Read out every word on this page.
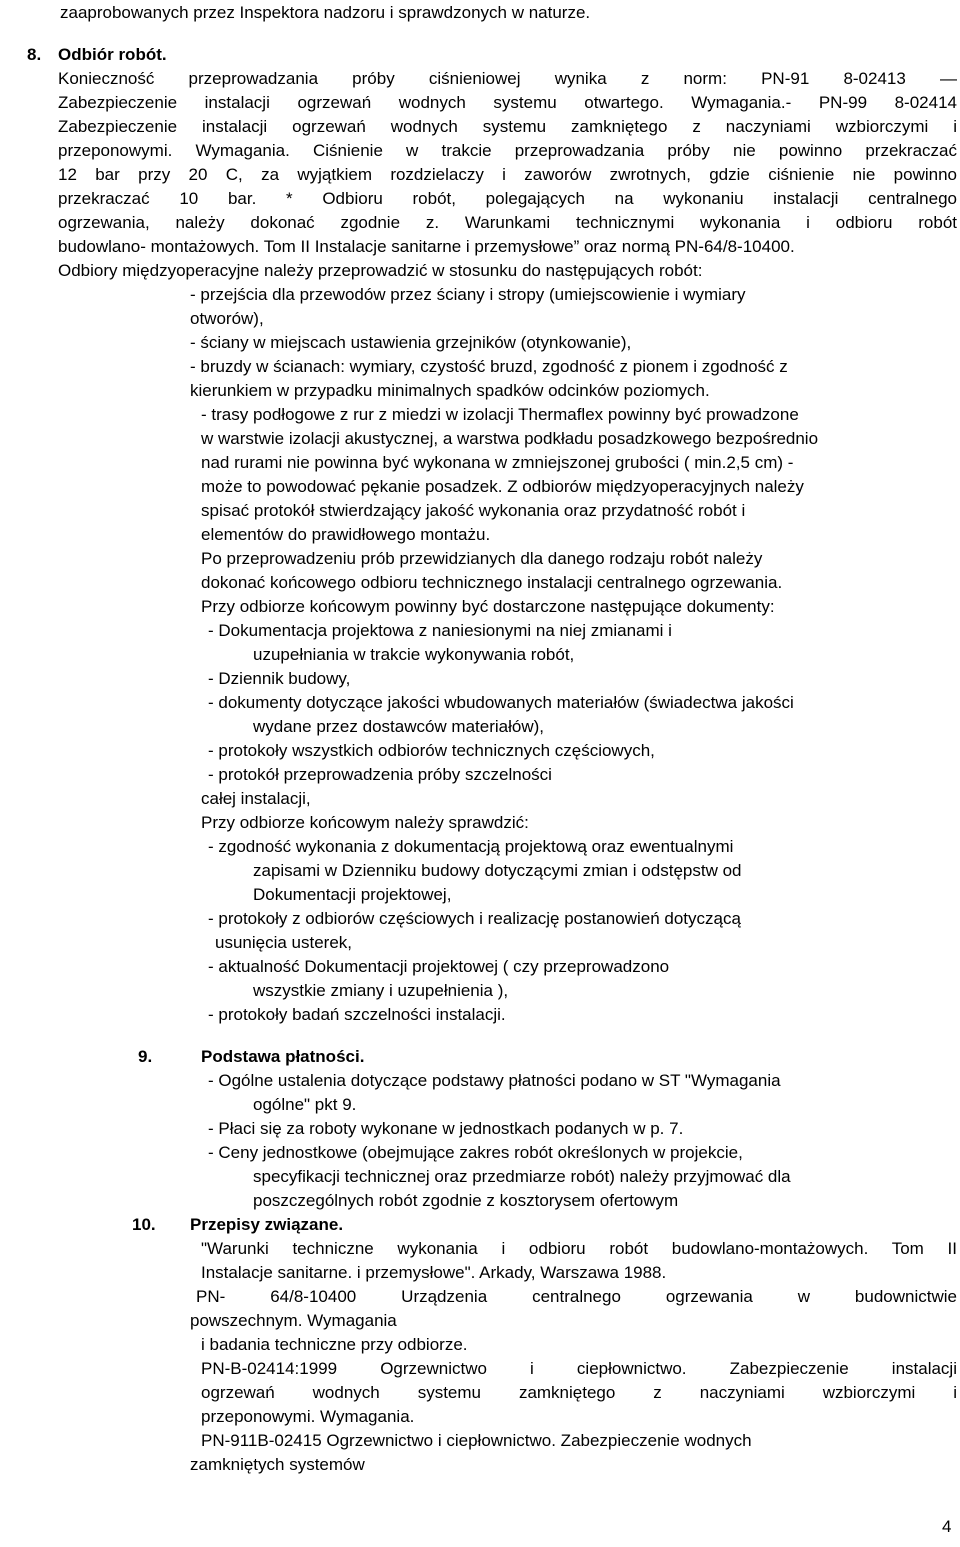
zaaprobowanych przez Inspektora nadzoru i sprawdzonych w naturze.
8. Odbiór robót.
Konieczność przeprowadzania próby ciśnieniowej wynika z norm: PN-91 8-02413 —
Zabezpieczenie instalacji ogrzewań wodnych systemu otwartego. Wymagania.- PN-99 8-02414
Zabezpieczenie instalacji ogrzewań wodnych systemu zamkniętego z naczyniami wzbiorczymi i
przeponowymi. Wymagania. Ciśnienie w trakcie przeprowadzania próby nie powinno przekraczać
12 bar przy 20 C, za wyjątkiem rozdzielaczy i zaworów zwrotnych, gdzie ciśnienie nie powinno
przekraczać 10 bar. * Odbioru robót, polegających na wykonaniu instalacji centralnego
ogrzewania, należy dokonać zgodnie z. Warunkami technicznymi wykonania i odbioru robót
budowlano- montażowych. Tom II Instalacje sanitarne i przemysłowe” oraz normą PN-64/8-10400.
Odbiory międzyoperacyjne należy przeprowadzić w stosunku do następujących robót:
- przejścia dla przewodów przez ściany i stropy (umiejscowienie i wymiary
otworów),
- ściany w miejscach ustawienia grzejników (otynkowanie),
- bruzdy w ścianach: wymiary, czystość bruzd, zgodność z pionem i zgodność z
kierunkiem w przypadku minimalnych spadków odcinków poziomych.
- trasy podłogowe z rur z miedzi w izolacji Thermaflex powinny być prowadzone
w warstwie izolacji akustycznej, a warstwa podkładu posadzkowego bezpośrednio
nad rurami nie powinna być wykonana w zmniejszonej grubości ( min.2,5 cm) -
może to powodować pękanie posadzek. Z odbiorów międzyoperacyjnych należy
spisać protokół stwierdzający jakość wykonania oraz przydatność robót i
elementów do prawidłowego montażu.
Po przeprowadzeniu prób przewidzianych dla danego rodzaju robót należy
dokonać końcowego odbioru technicznego instalacji centralnego ogrzewania.
Przy odbiorze końcowym powinny być dostarczone następujące dokumenty:
- Dokumentacja projektowa z naniesionymi na niej zmianami i
uzupełniania w trakcie wykonywania robót,
- Dziennik budowy,
- dokumenty dotyczące jakości wbudowanych materiałów (świadectwa jakości
wydane przez dostawców materiałów),
- protokoły wszystkich odbiorów technicznych częściowych,
- protokół przeprowadzenia próby szczelności
całej instalacji,
Przy odbiorze końcowym należy sprawdzić:
- zgodność wykonania z dokumentacją projektową oraz ewentualnymi
zapisami w Dzienniku budowy dotyczącymi zmian i odstępstw od
Dokumentacji projektowej,
- protokoły z odbiorów częściowych i realizację postanowień dotyczącą
usunięcia usterek,
- aktualność Dokumentacji projektowej ( czy przeprowadzono
wszystkie zmiany i uzupełnienia ),
- protokoły badań szczelności instalacji.
9.	Podstawa płatności.
- Ogólne ustalenia dotyczące podstawy płatności podano w ST "Wymagania
ogólne" pkt 9.
- Płaci się za roboty wykonane w jednostkach podanych w p. 7.
- Ceny jednostkowe (obejmujące zakres robót określonych w projekcie,
specyfikacji technicznej oraz przedmiarze robót) należy przyjmować dla
poszczególnych robót zgodnie z kosztorysem ofertowym
10. Przepisy związane.
"Warunki techniczne wykonania i odbioru robót budowlano-montażowych. Tom II
Instalacje sanitarne. i przemysłowe". Arkady, Warszawa 1988.
PN- 64/8-10400 Urządzenia centralnego ogrzewania w budownictwie
powszechnym. Wymagania
i badania techniczne przy odbiorze.
PN-B-02414:1999 Ogrzewnictwo i ciepłownictwo. Zabezpieczenie instalacji
ogrzewań wodnych systemu zamkniętego z naczyniami wzbiorczymi i
przeponowymi. Wymagania.
PN-911B-02415 Ogrzewnictwo i ciepłownictwo. Zabezpieczenie wodnych
zamkniętych systemów
4
